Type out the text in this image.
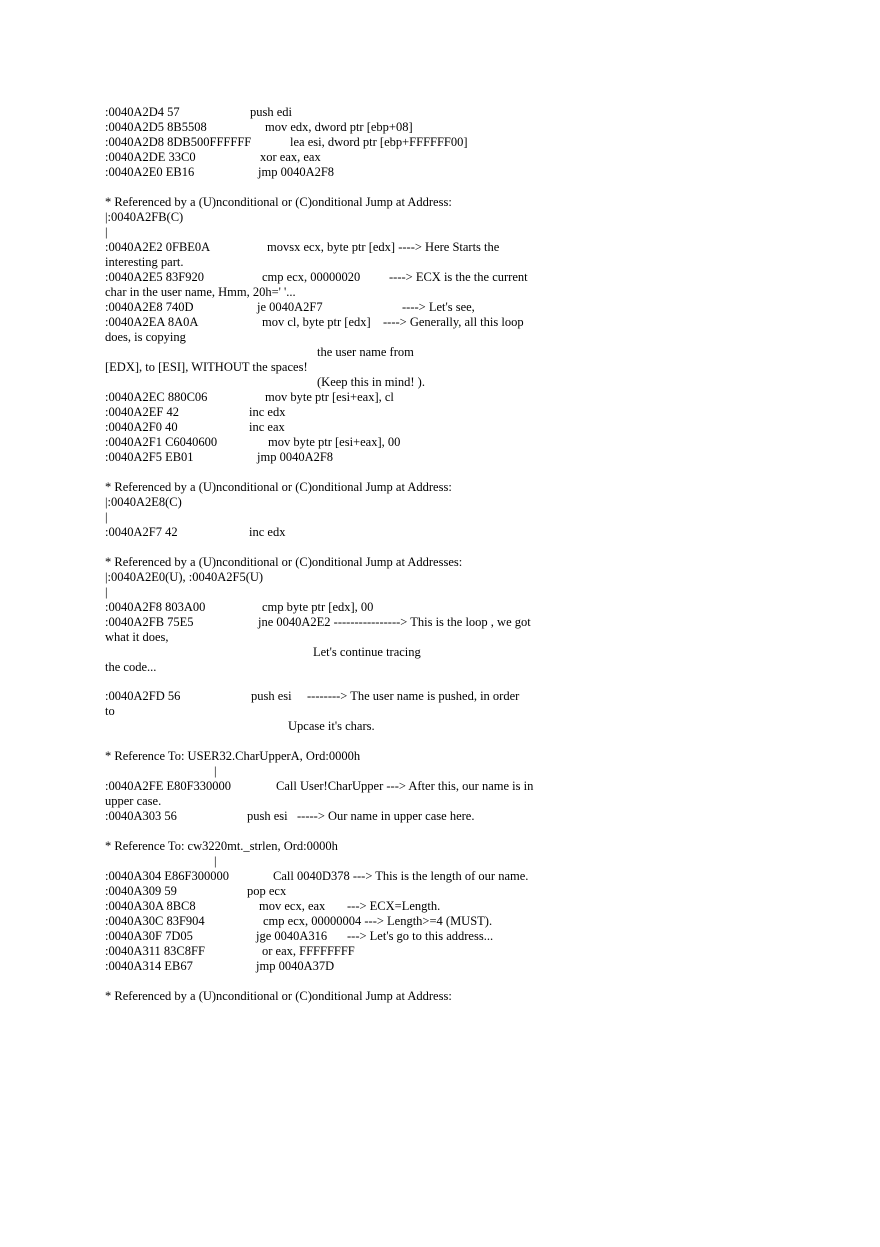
:0040A2D4 57	push edi
:0040A2D5 8B5508	mov edx, dword ptr [ebp+08]
:0040A2D8 8DB500FFFFFF	lea esi, dword ptr [ebp+FFFFFF00]
:0040A2DE 33C0	xor eax, eax
:0040A2E0 EB16	jmp 0040A2F8
* Referenced by a (U)nconditional or (C)onditional Jump at Address:
|:0040A2FB(C)
|
:0040A2E2 0FBE0A	movsx ecx, byte ptr [edx] ----> Here Starts the
interesting part.
:0040A2E5 83F920	cmp ecx, 00000020 ----> ECX is the the current
char in the user name, Hmm, 20h=' '...
:0040A2E8 740D	je 0040A2F7	----> Let's see,
:0040A2EA 8A0A	mov cl, byte ptr [edx] ----> Generally, all this loop
does, is copying
the user name from
[EDX], to [ESI], WITHOUT the spaces!
(Keep this in mind! ).
:0040A2EC 880C06	mov byte ptr [esi+eax], cl
:0040A2EF 42	inc edx
:0040A2F0 40	inc eax
:0040A2F1 C6040600	mov byte ptr [esi+eax], 00
:0040A2F5 EB01	jmp 0040A2F8
* Referenced by a (U)nconditional or (C)onditional Jump at Address:
|:0040A2E8(C)
|
:0040A2F7 42	inc edx
* Referenced by a (U)nconditional or (C)onditional Jump at Addresses:
|:0040A2E0(U), :0040A2F5(U)
|
:0040A2F8 803A00	cmp byte ptr [edx], 00
:0040A2FB 75E5	jne 0040A2E2 ----------------> This is the loop , we got
what it does,
Let's continue tracing
the code...
:0040A2FD 56	push esi --------> The user name is pushed, in order
to
Upcase it's chars.
* Reference To: USER32.CharUpperA, Ord:0000h
|
:0040A2FE E80F330000	Call User!CharUpper ---> After this, our name is in
upper case.
:0040A303 56	push esi -----> Our name in upper case here.
* Reference To: cw3220mt._strlen, Ord:0000h
|
:0040A304 E86F300000	Call 0040D378 ---> This is the length of our name.
:0040A309 59	pop ecx
:0040A30A 8BC8	mov ecx, eax ---> ECX=Length.
:0040A30C 83F904	cmp ecx, 00000004 ---> Length>=4 (MUST).
:0040A30F 7D05	jge 0040A316 ---> Let's go to this address...
:0040A311 83C8FF	or eax, FFFFFFFF
:0040A314 EB67	jmp 0040A37D
* Referenced by a (U)nconditional or (C)onditional Jump at Address:
